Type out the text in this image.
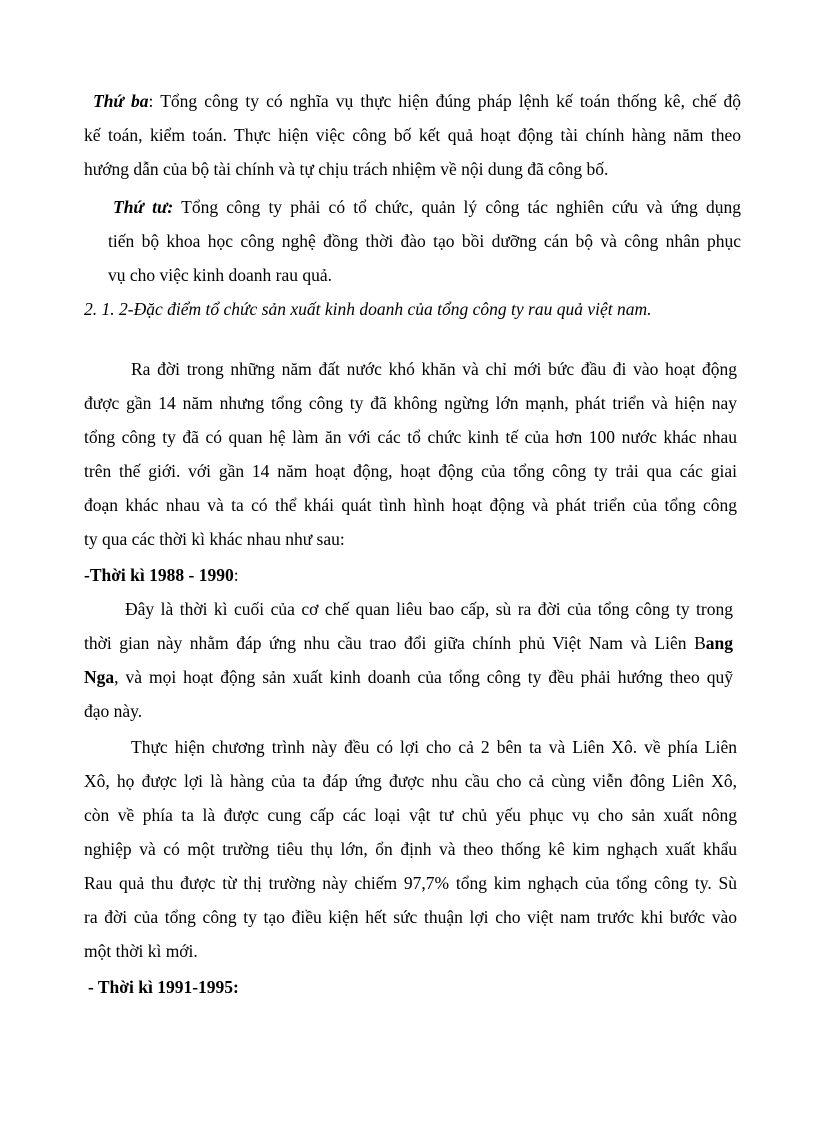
Thứ ba: Tổng công ty có nghĩa vụ thực hiện đúng pháp lệnh kế toán thống kê, chế độ

kế toán, kiểm toán. Thực hiện việc công bố kết quả hoạt động tài chính hàng năm theo

hướng dẫn của bộ tài chính và tự chịu trách nhiệm về nội dung đã công bố.

Thứ tư: Tổng công ty phải có tổ chức, quản lý công tác nghiên cứu và ứng dụng

tiến bộ khoa học công nghệ đồng thời đào tạo bồi dưỡng cán bộ và công nhân phục

vụ cho việc kinh doanh rau quả.

2. 1. 2-Đặc điểm tổ chức sản xuất kinh doanh của tổng công ty rau quả việt nam.

Ra đời trong những năm đất nước khó khăn và chỉ mới bức đầu đi vào hoạt động

được gần 14 năm nhưng tổng công ty đã không ngừng lớn mạnh, phát triển và hiện nay

tổng công ty đã có quan hệ làm ăn với các tổ chức kinh tế của hơn 100 nước khác nhau

trên thế giới. với gần 14 năm hoạt động, hoạt động của tổng công ty trải qua các giai

đoạn khác nhau và ta có thể khái quát tình hình hoạt động và phát triển của tổng công

ty qua các thời kì khác nhau như sau:

-Thời kì 1988 - 1990:

Đây là thời kì cuối của cơ chế quan liêu bao cấp, sù ra đời của tổng công ty trong

thời gian này nhằm đáp ứng nhu cầu trao đổi giữa chính phủ Việt Nam và Liên Bang

Nga, và mọi hoạt động sản xuất kinh doanh của tổng công ty đều phải hướng theo quỹ

đạo này.

Thực hiện chương trình này đều có lợi cho cả 2 bên ta và Liên Xô. về phía Liên

Xô, họ được lợi là hàng của ta đáp ứng được nhu cầu cho cả cùng viễn đông Liên Xô,

còn về phía ta là được cung cấp các loại vật tư chủ yếu phục vụ cho sản xuất nông

nghiệp và có một trường tiêu thụ lớn, ổn định và theo thống kê kim nghạch xuất khẩu

Rau quả thu được từ thị trường này chiếm 97,7% tổng kim nghạch của tổng công ty. Sù

ra đời của tổng công ty tạo điều kiện hết sức thuận lợi cho việt nam trước khi bước vào

một thời kì mới.

- Thời kì 1991-1995:
